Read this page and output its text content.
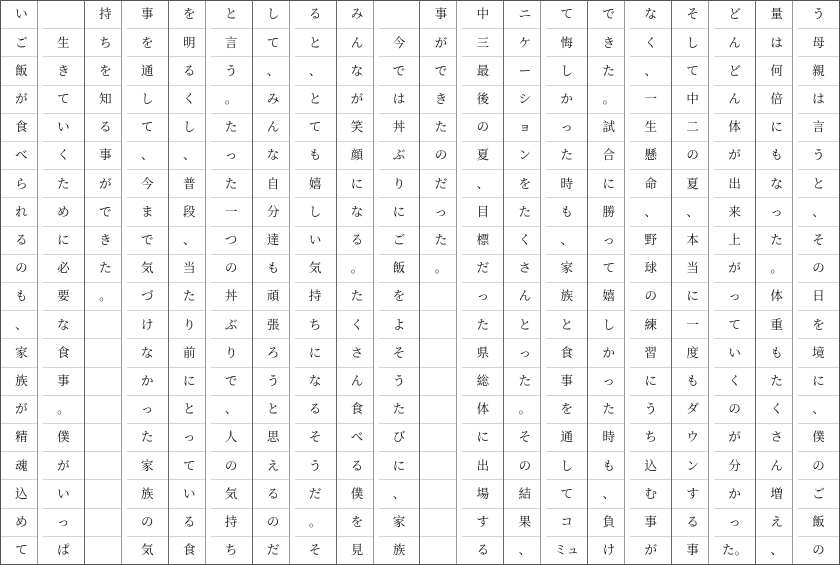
う
母
親
は
言
う
と
、
そ
の
日
を
境
に
、
僕
の
ご
飯
の
量
は
何
倍
に
も
な
っ
た
。
体
重
も
た
く
さ
ん
増
え
、
ど
ん
ど
ん
体
が
出
来
上
が
っ
て
い
く
の
が
分
か
っ
た。
そ
し
て
中
二
の
夏
、
本
当
に
一
度
も
ダ
ウ
ン
す
る
事
な
く
、
一
生
懸
命
、
野
球
の
練
習
に
う
ち
込
む
事
が
で
き
た
。
試
合
に
勝
っ
て
嬉
し
か
っ
た
時
も
、
負
け
て
悔
し
か
っ
た
時
も
、
家
族
と
食
事
を
通
し
て
コ
ミュ
ニ
ケ
ー
シ
ョ
ン
を
た
く
さ
ん
と
っ
た
。
そ
の
結
果
、
中
三
最
後
の
夏
、
目
標
だ
っ
た
県
総
体
に
出
場
す
る
事
が
で
き
た
の
だ
っ
た
。
今
で
は
丼
ぶ
り
に
ご
飯
を
よ
そ
う
た
び
に
、
家
族
み
ん
な
が
笑
顔
に
な
る
。
た
く
さ
ん
食
べ
る
僕
を
見
る
と
、
と
て
も
嬉
し
い
気
持
ち
に
な
る
そ
う
だ
。
そ
し
て
、
み
ん
な
自
分
達
も
頑
張
ろ
う
と
思
え
る
の
だ
と
言
う
。
た
っ
た
一
つ
の
丼
ぶ
り
で
、
人
の
気
持
ち
を
明
る
く
し
、
普
段
、
当
た
り
前
に
と
っ
て
い
る
食
事
を
通
し
て
、
今
ま
で
気
づ
け
な
か
っ
た
家
族
の
気
持
ち
を
知
る
事
が
で
き
た
。
生
き
て
い
く
た
め
に
必
要
な
食
事
。
僕
が
い
っ
ぱ
い
ご
飯
が
食
べ
ら
れ
る
の
も
、
家
族
が
精
魂
込
め
て
